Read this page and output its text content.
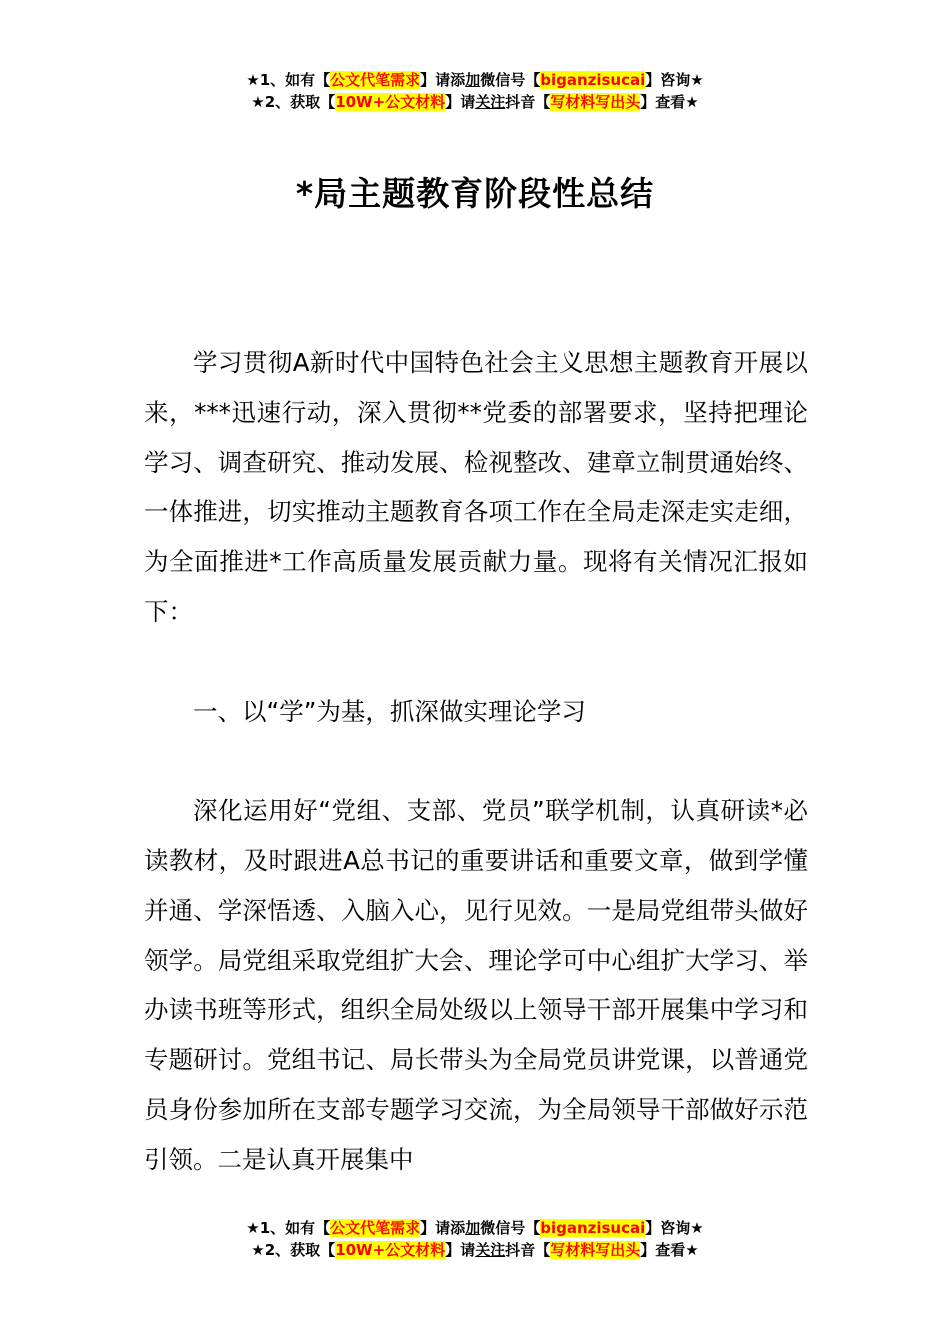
★1、如有【公文代笔需求】请添加微信号【biganzisucai】咨询★
★2、获取【10W+公文材料】请关注抖音【写材料写出头】查看★
*局主题教育阶段性总结

学习贯彻A新时代中国特色社会主义思想主题教育开展以来，***迅速行动，深入贯彻**党委的部署要求，坚持把理论学习、调查研究、推动发展、检视整改、建章立制贯通始终、一体推进，切实推动主题教育各项工作在全局走深走实走细，为全面推进*工作高质量发展贡献力量。现将有关情况汇报如下：

一、以“学”为基，抓深做实理论学习

深化运用好“党组、支部、党员”联学机制，认真研读*必读教材，及时跟进A总书记的重要讲话和重要文章，做到学懂并通、学深悟透、入脑入心，见行见效。一是局党组带头做好领学。局党组采取党组扩大会、理论学可中心组扩大学习、举办读书班等形式，组织全局处级以上领导干部开展集中学习和专题研讨。党组书记、局长带头为全局党员讲党课，以普通党员身份参加所在支部专题学习交流，为全局领导干部做好示范引领。二是认真开展集中

★1、如有【公文代笔需求】请添加微信号【biganzisucai】咨询★
★2、获取【10W+公文材料】请关注抖音【写材料写出头】查看★
